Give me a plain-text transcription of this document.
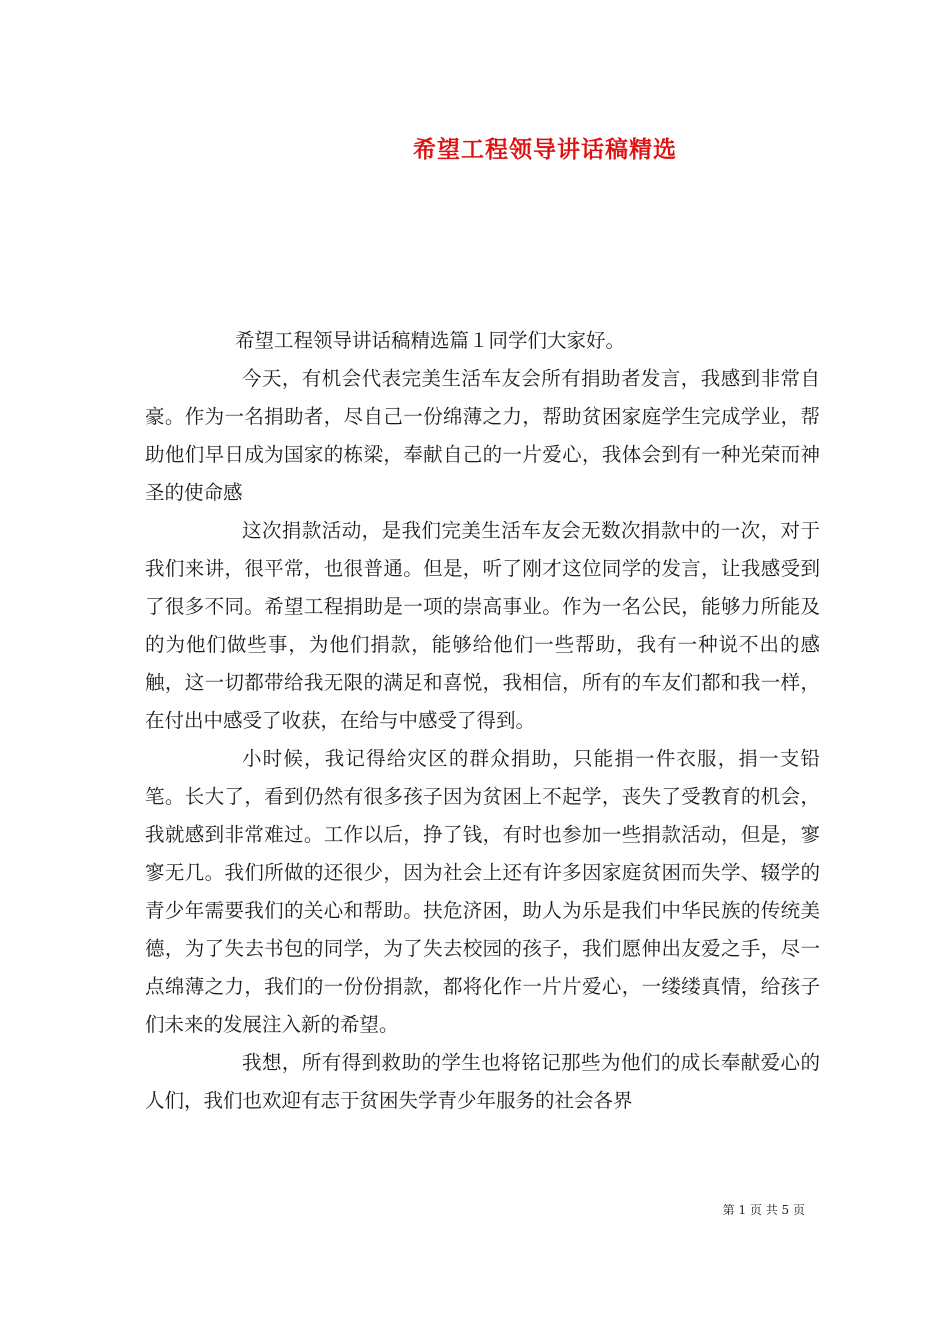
希望工程领导讲话稿精选

希望工程领导讲话稿精选篇１同学们大家好。

今天，有机会代表完美生活车友会所有捐助者发言，我感到非常自豪。作为一名捐助者，尽自己一份绵薄之力，帮助贫困家庭学生完成学业，帮助他们早日成为国家的栋梁，奉献自己的一片爱心，我体会到有一种光荣而神圣的使命感

这次捐款活动，是我们完美生活车友会无数次捐款中的一次，对于我们来讲，很平常，也很普通。但是，听了刚才这位同学的发言，让我感受到了很多不同。希望工程捐助是一项的崇高事业。作为一名公民，能够力所能及的为他们做些事，为他们捐款，能够给他们一些帮助，我有一种说不出的感触，这一切都带给我无限的满足和喜悦，我相信，所有的车友们都和我一样，在付出中感受了收获，在给与中感受了得到。

小时候，我记得给灾区的群众捐助，只能捐一件衣服，捐一支铅笔。长大了，看到仍然有很多孩子因为贫困上不起学，丧失了受教育的机会，我就感到非常难过。工作以后，挣了钱，有时也参加一些捐款活动，但是，寥寥无几。我们所做的还很少，因为社会上还有许多因家庭贫困而失学、辍学的青少年需要我们的关心和帮助。扶危济困，助人为乐是我们中华民族的传统美德，为了失去书包的同学，为了失去校园的孩子，我们愿伸出友爱之手，尽一点绵薄之力，我们的一份份捐款，都将化作一片片爱心，一缕缕真情，给孩子们未来的发展注入新的希望。

我想，所有得到救助的学生也将铭记那些为他们的成长奉献爱心的人们，我们也欢迎有志于贫困失学青少年服务的社会各界

第 1 页 共 5 页
